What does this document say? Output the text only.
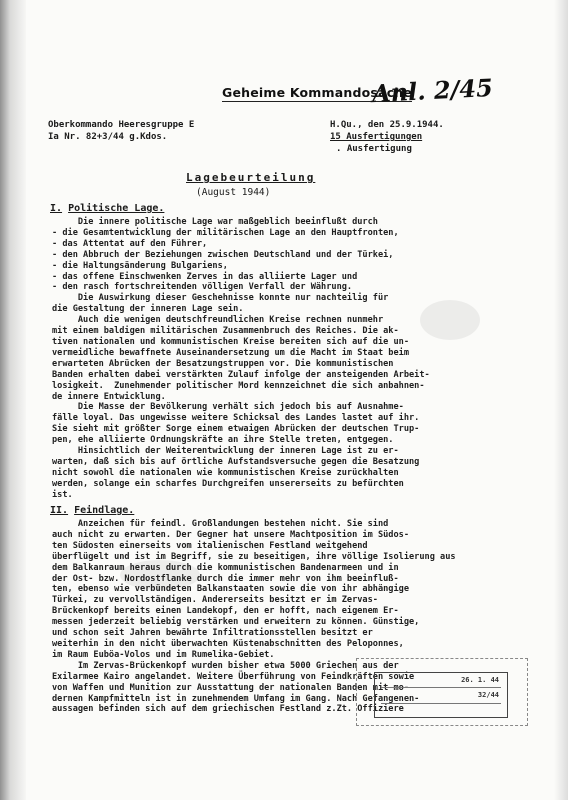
Geheime Kommandosache
Anl. 2/45
Oberkommando Heeresgruppe E
Ia Nr. 82+3/44 g.Kdos.
H.Qu., den 25.9.1944.
15 Ausfertigungen
. Ausfertigung
Lagebeurteilung
(August 1944)
I. Politische Lage.
Die innere politische Lage war maßgeblich beeinflußt durch
- die Gesamtentwicklung der militärischen Lage an den Hauptfronten,
- das Attentat auf den Führer,
- den Abbruch der Beziehungen zwischen Deutschland und der Türkei,
- die Haltungsänderung Bulgariens,
- das offene Einschwenken Zerves in das alliierte Lager und
- den rasch fortschreitenden völligen Verfall der Währung.
Die Auswirkung dieser Geschehnisse konnte nur nachteilig für
die Gestaltung der inneren Lage sein.
Auch die wenigen deutschfreundlichen Kreise rechnen nunmehr
mit einem baldigen militärischen Zusammenbruch des Reiches. Die ak-
tiven nationalen und kommunistischen Kreise bereiten sich auf die un-
vermeidliche bewaffnete Auseinandersetzung um die Macht im Staat beim
erwarteten Abrücken der Besatzungstruppen vor. Die kommunistischen
Banden erhalten dabei verstärkten Zulauf infolge der ansteigenden Arbeit-
losigkeit.  Zunehmender politischer Mord kennzeichnet die sich anbahnen-
de innere Entwicklung.
Die Masse der Bevölkerung verhält sich jedoch bis auf Ausnahme-
fälle loyal. Das ungewisse weitere Schicksal des Landes lastet auf ihr.
Sie sieht mit größter Sorge einem etwaigen Abrücken der deutschen Trup-
pen, ehe alliierte Ordnungskräfte an ihre Stelle treten, entgegen.
Hinsichtlich der Weiterentwicklung der inneren Lage ist zu er-
warten, daß sich bis auf örtliche Aufstandsversuche gegen die Besatzung
nicht sowohl die nationalen wie kommunistischen Kreise zurückhalten
werden, solange ein scharfes Durchgreifen unsererseits zu befürchten
ist.
II. Feindlage.
Anzeichen für feindl. Großlandungen bestehen nicht. Sie sind
auch nicht zu erwarten. Der Gegner hat unsere Machtposition im Südos-
ten Südosten einerseits vom italienischen Festland weitgehend
überflügelt und ist im Begriff, sie zu beseitigen, ihre völlige Isolierung aus
dem Balkanraum heraus durch die kommunistischen Bandenarmeen und in
der Ost- bzw. Nordostflanke durch die immer mehr von ihm beeinfluß-
ten, ebenso wie verbündeten Balkanstaaten sowie die von ihr abhängige
Türkei, zu vervollständigen. Andererseits besitzt er im Zervas-
Brückenkopf bereits einen Landekopf, den er hofft, nach eigenem Er-
messen jederzeit beliebig verstärken und erweitern zu können. Günstige,
und schon seit Jahren bewährte Infiltrationsstellen besitzt er
weiterhin in den nicht überwachten Küstenabschnitten des Peloponnes,
im Raum Euböa-Volos und im Rumelika-Gebiet.
Im Zervas-Brückenkopf wurden bisher etwa 5000 Griechen aus der
Exilarmee Kairo angelandet. Weitere Überführung von Feindkräften sowie
von Waffen und Munition zur Ausstattung der nationalen Banden mit mo-
dernen Kampfmitteln ist in zunehmendem Umfang im Gang. Nach Gefangenen-
aussagen befinden sich auf dem griechischen Festland z.Zt. Offiziere
26. 1. 44
32/44
